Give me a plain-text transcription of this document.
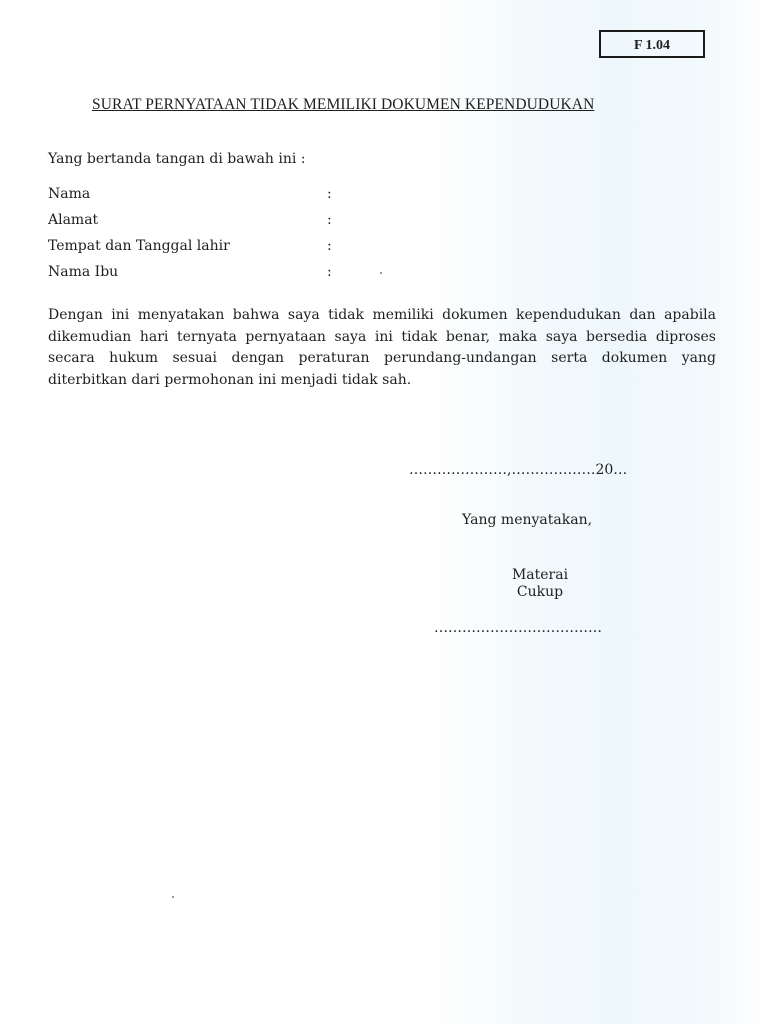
F 1.04
SURAT PERNYATAAN TIDAK MEMILIKI DOKUMEN KEPENDUDUKAN
Yang bertanda tangan di bawah ini :
Nama	:
Alamat	:
Tempat dan Tanggal lahir	:
Nama Ibu	:
Dengan ini menyatakan bahwa saya tidak memiliki dokumen kependudukan dan apabila dikemudian hari ternyata pernyataan saya ini tidak benar, maka saya bersedia diproses secara hukum sesuai dengan peraturan perundang-undangan serta dokumen yang diterbitkan dari permohonan ini menjadi tidak sah.
…………………,………………20…
Yang menyatakan,
Materai
Cukup
………………………………
